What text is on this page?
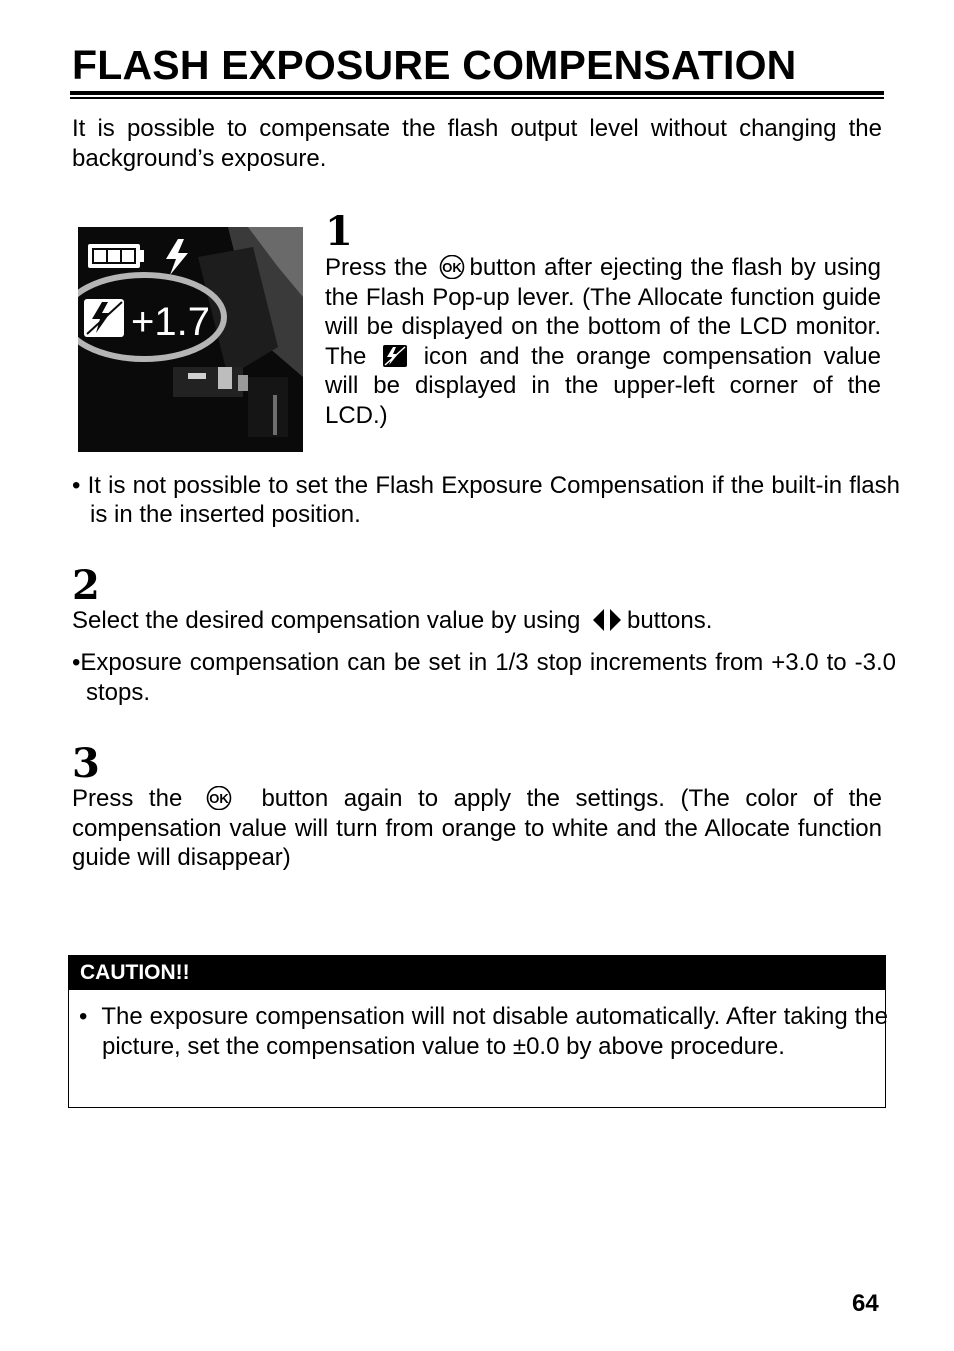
FLASH EXPOSURE COMPENSATION
It is possible to compensate the flash output level without changing the background’s exposure.
+1.7
1
Press the OK button after ejecting the flash by using the Flash Pop-up lever. (The Allocate function guide will be displayed on the bottom of the LCD monitor. The icon and the orange compensation value will be displayed in the upper-left corner of the LCD.)
• It is not possible to set the Flash Exposure Compensation if the built-in flash is in the inserted position.
2
Select the desired compensation value by using buttons.
•Exposure compensation can be set in 1/3 stop increments from +3.0 to -3.0 stops.
3
Press the OK button again to apply the settings. (The color of the compensation value will turn from orange to white and the Allocate function guide will disappear)
CAUTION!!
• The exposure compensation will not disable automatically. After taking the picture, set the compensation value to ±0.0 by above procedure.
64
